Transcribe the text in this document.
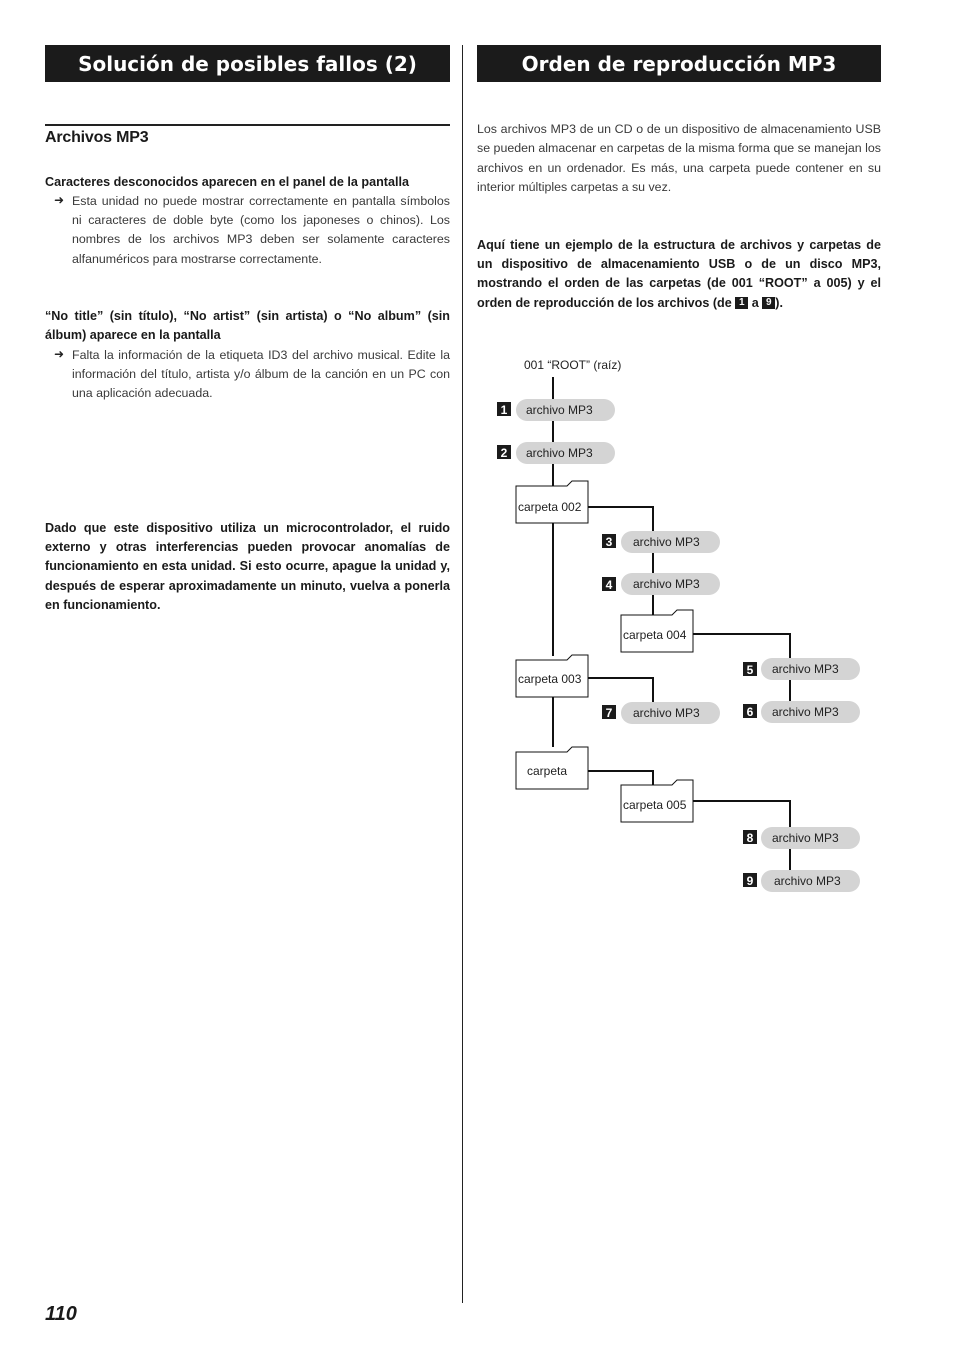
Solución de posibles fallos (2)	Orden de reproducción MP3
Archivos MP3
Caracteres desconocidos aparecen en el panel de la pantalla
➜ Esta unidad no puede mostrar correctamente en pantalla símbolos ni caracteres de doble byte (como los japoneses o chinos). Los nombres de los archivos MP3 deben ser solamente caracteres alfanuméricos para mostrarse correctamente.
“No title” (sin título), “No artist” (sin artista) o “No album” (sin álbum) aparece en la pantalla
➜ Falta la información de la etiqueta ID3 del archivo musical. Edite la información del título, artista y/o álbum de la canción en un PC con una aplicación adecuada.
Dado que este dispositivo utiliza un microcontrolador, el ruido externo y otras interferencias pueden provocar anomalías de funcionamiento en esta unidad. Si esto ocurre, apague la unidad y, después de esperar aproximadamente un minuto, vuelva a ponerla en funcionamiento.
Los archivos MP3 de un CD o de un dispositivo de almacenamiento USB se pueden almacenar en carpetas de la misma forma que se manejan los archivos en un ordenador. Es más, una carpeta puede contener en su interior múltiples carpetas a su vez.
Aquí tiene un ejemplo de la estructura de archivos y carpetas de un dispositivo de almacenamiento USB o de un disco MP3, mostrando el orden de las carpetas (de 001 “ROOT” a 005) y el orden de reproducción de los archivos (de 1 a 9 ).
001 “ROOT” (raíz)
archivo MP3
archivo MP3
archivo MP3
archivo MP3
archivo MP3
archivo MP3
archivo MP3
archivo MP3
archivo MP3
1
2
3
4
5
6
7
8
9
carpeta 002
carpeta 003
carpeta
carpeta 004
carpeta 005
110
